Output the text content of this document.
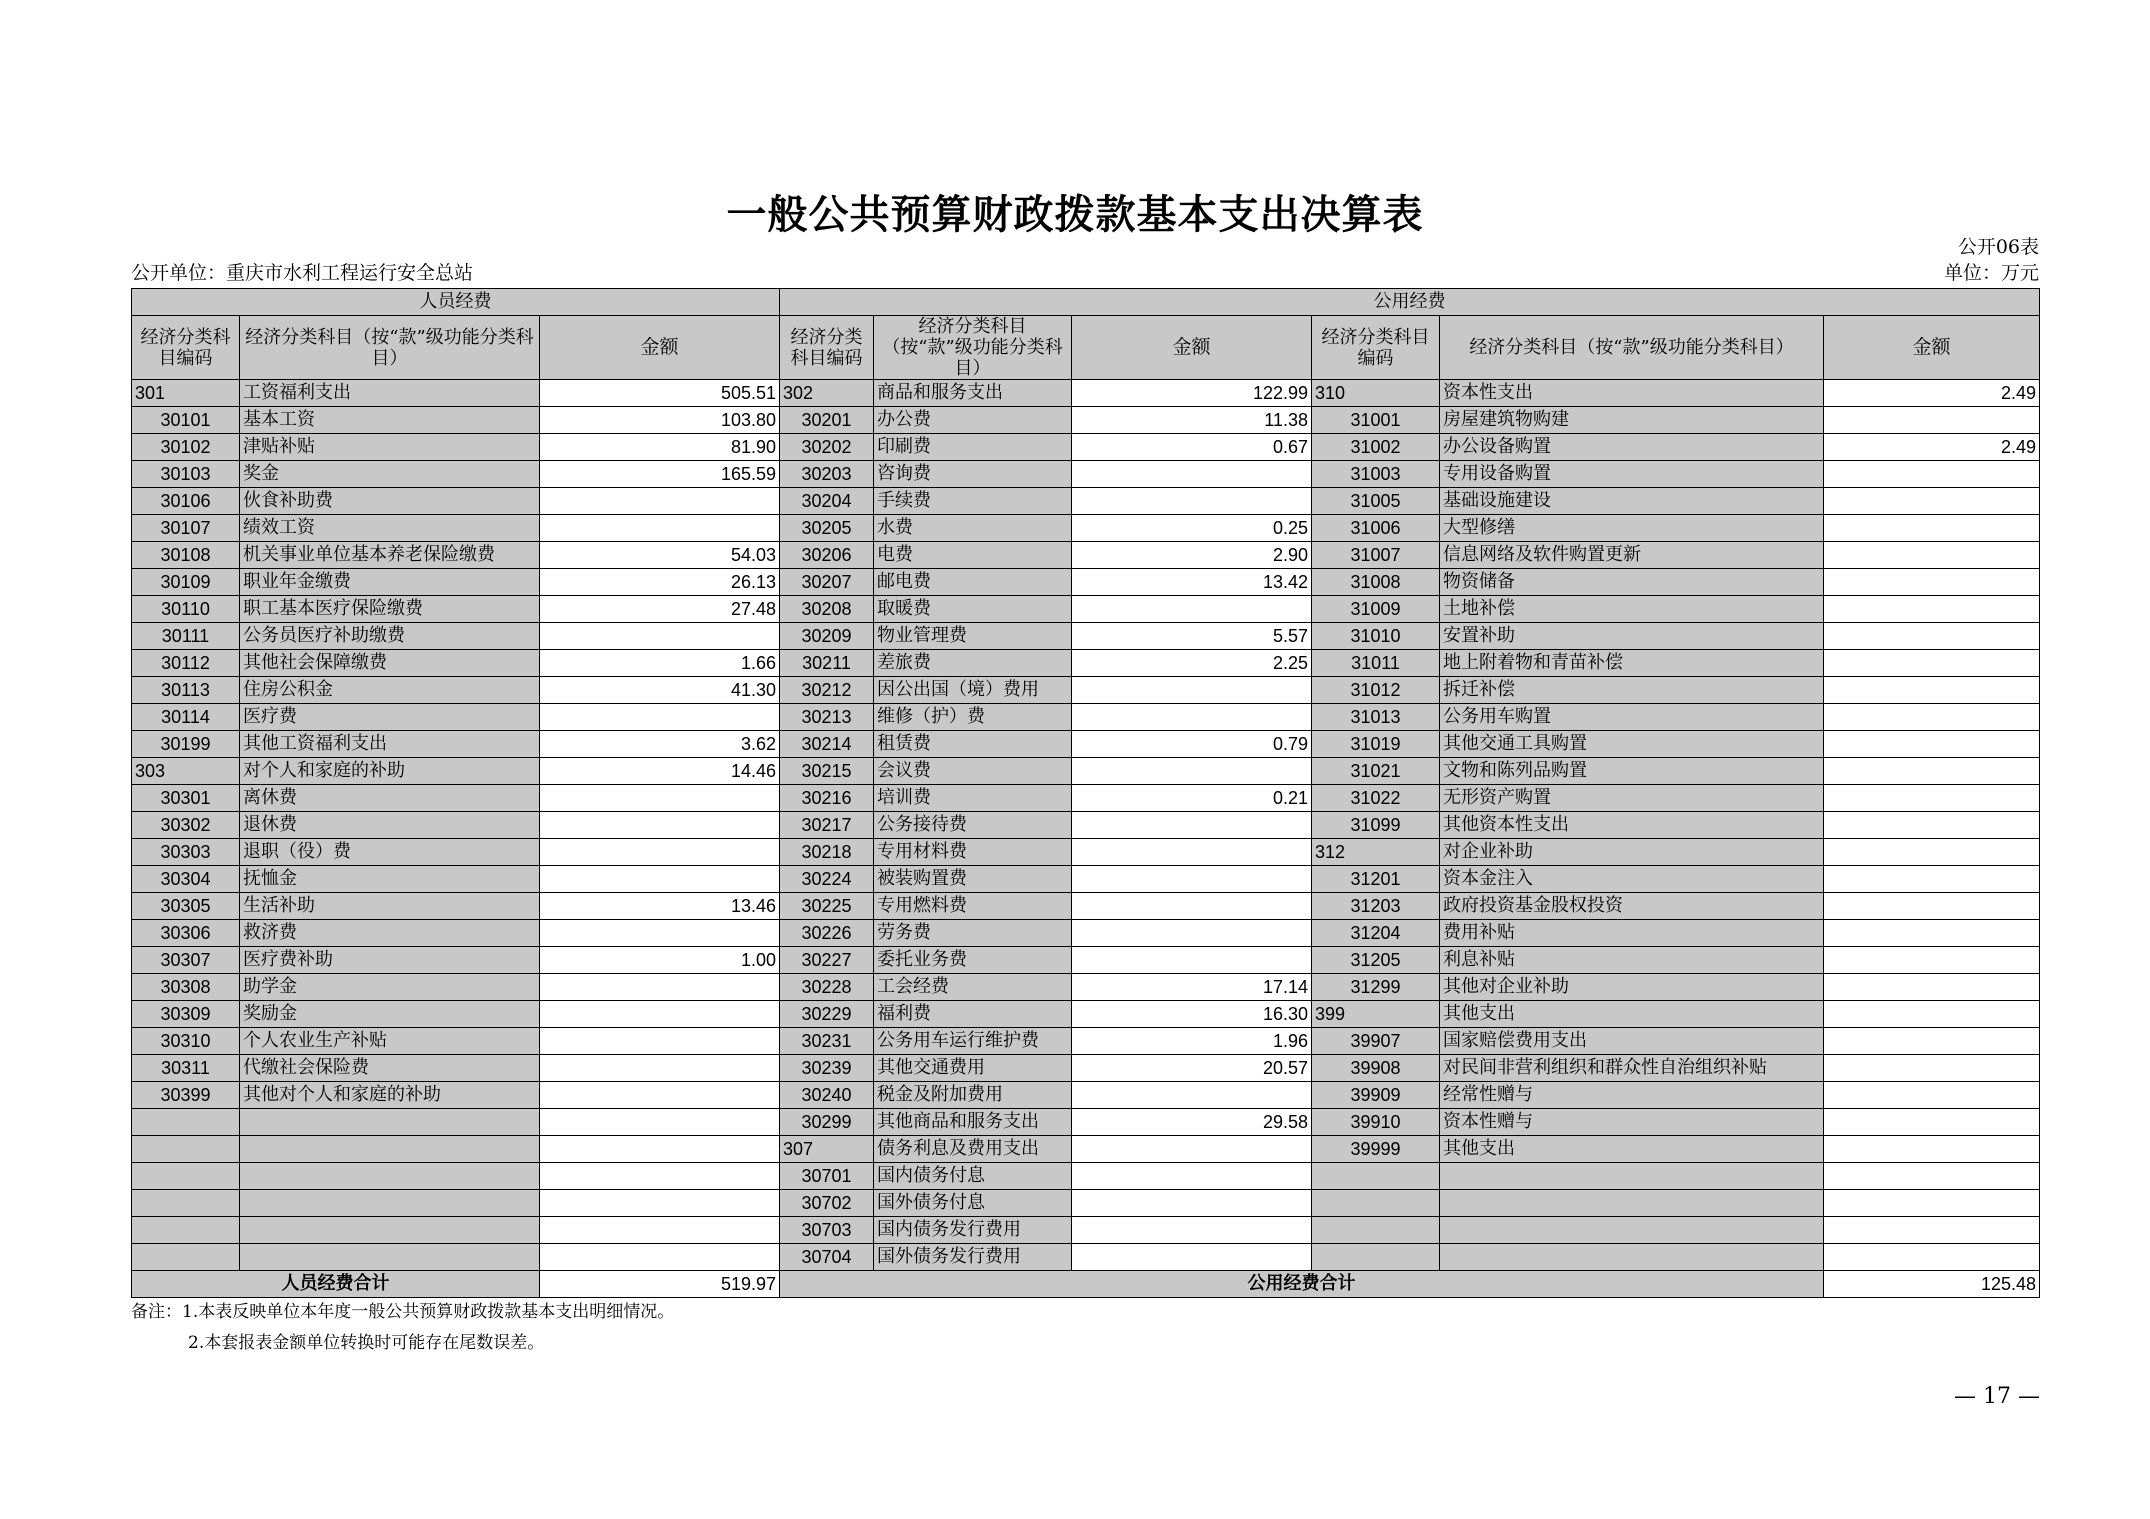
一般公共预算财政拨款基本支出决算表
公开06表
公开单位：重庆市水利工程运行安全总站	单位：万元
人员经费			公用经费					
经济分类科目编码	经济分类科目（按“款”级功能分类科目）	金额	经济分类科目编码	经济分类科目（按“款”级功能分类科目）	金额	经济分类科目编码	经济分类科目（按“款”级功能分类科目）	金额
301	工资福利支出	505.51	302	商品和服务支出	122.99	310	资本性支出	2.49
30101	基本工资	103.80	30201	办公费	11.38	31001	房屋建筑物购建	
30102	津贴补贴	81.90	30202	印刷费	0.67	31002	办公设备购置	2.49
30103	奖金	165.59	30203	咨询费		31003	专用设备购置	
30106	伙食补助费		30204	手续费		31005	基础设施建设	
30107	绩效工资		30205	水费	0.25	31006	大型修缮	
30108	机关事业单位基本养老保险缴费	54.03	30206	电费	2.90	31007	信息网络及软件购置更新	
30109	职业年金缴费	26.13	30207	邮电费	13.42	31008	物资储备	
30110	职工基本医疗保险缴费	27.48	30208	取暖费		31009	土地补偿	
30111	公务员医疗补助缴费		30209	物业管理费	5.57	31010	安置补助	
30112	其他社会保障缴费	1.66	30211	差旅费	2.25	31011	地上附着物和青苗补偿	
30113	住房公积金	41.30	30212	因公出国（境）费用		31012	拆迁补偿	
30114	医疗费		30213	维修（护）费		31013	公务用车购置	
30199	其他工资福利支出	3.62	30214	租赁费	0.79	31019	其他交通工具购置	
303	对个人和家庭的补助	14.46	30215	会议费		31021	文物和陈列品购置	
30301	离休费		30216	培训费	0.21	31022	无形资产购置	
30302	退休费		30217	公务接待费		31099	其他资本性支出	
30303	退职（役）费		30218	专用材料费		312	对企业补助	
30304	抚恤金		30224	被装购置费		31201	资本金注入	
30305	生活补助	13.46	30225	专用燃料费		31203	政府投资基金股权投资	
30306	救济费		30226	劳务费		31204	费用补贴	
30307	医疗费补助	1.00	30227	委托业务费		31205	利息补贴	
30308	助学金		30228	工会经费	17.14	31299	其他对企业补助	
30309	奖励金		30229	福利费	16.30	399	其他支出	
30310	个人农业生产补贴		30231	公务用车运行维护费	1.96	39907	国家赔偿费用支出	
30311	代缴社会保险费		30239	其他交通费用	20.57	39908	对民间非营利组织和群众性自治组织补贴	
30399	其他对个人和家庭的补助		30240	税金及附加费用		39909	经常性赠与	
			30299	其他商品和服务支出	29.58	39910	资本性赠与	
			307	债务利息及费用支出		39999	其他支出	
			30701	国内债务付息				
			30702	国外债务付息				
			30703	国内债务发行费用				
			30704	国外债务发行费用				
人员经费合计		519.97	公用经费合计					125.48
备注：1.本表反映单位本年度一般公共预算财政拨款基本支出明细情况。
2.本套报表金额单位转换时可能存在尾数误差。
— 17 —
